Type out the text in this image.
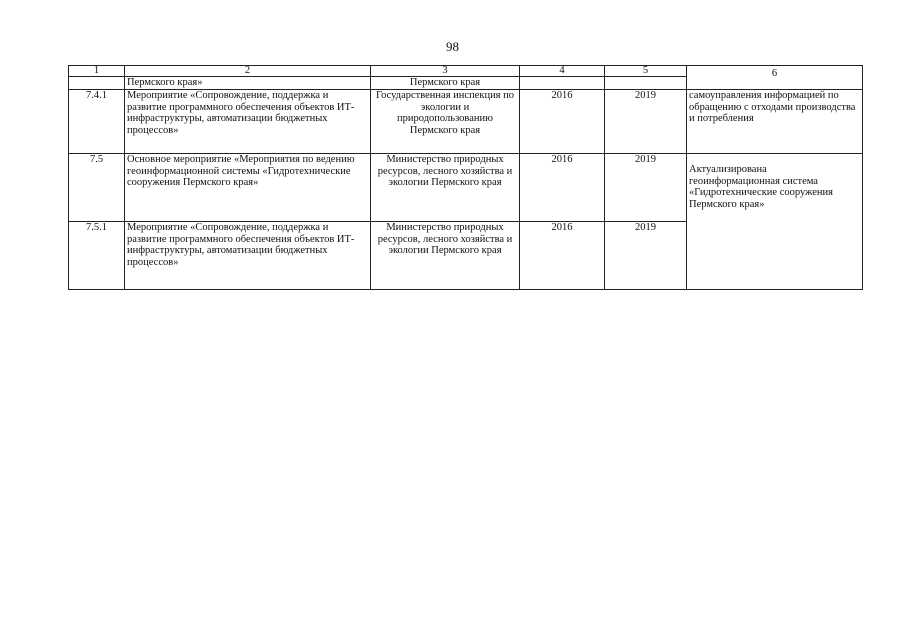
98
1	2	3	4	5	6

	Пермского края»	Пермского края			
7.4.1	Мероприятие «Сопровождение, поддержка и развитие программного обеспечения объектов ИТ-инфраструктуры, автоматизации бюджетных процессов»	Государственная инспекция по экологии и природопользованию Пермского края	2016	2019	самоуправления информацией по обращению с отходами производства и потребления

7.5	Основное мероприятие «Мероприятия по ведению геоинформационной системы «Гидротехнические сооружения Пермского края»	Министерство природных ресурсов, лесного хозяйства и экологии Пермского края	2016	2019	Актуализирована геоинформационная система «Гидротехнические сооружения Пермского края»

7.5.1	Мероприятие «Сопровождение, поддержка и развитие программного обеспечения объектов ИТ-инфраструктуры, автоматизации бюджетных процессов»	Министерство природных ресурсов, лесного хозяйства и экологии Пермского края	2016	2019	
